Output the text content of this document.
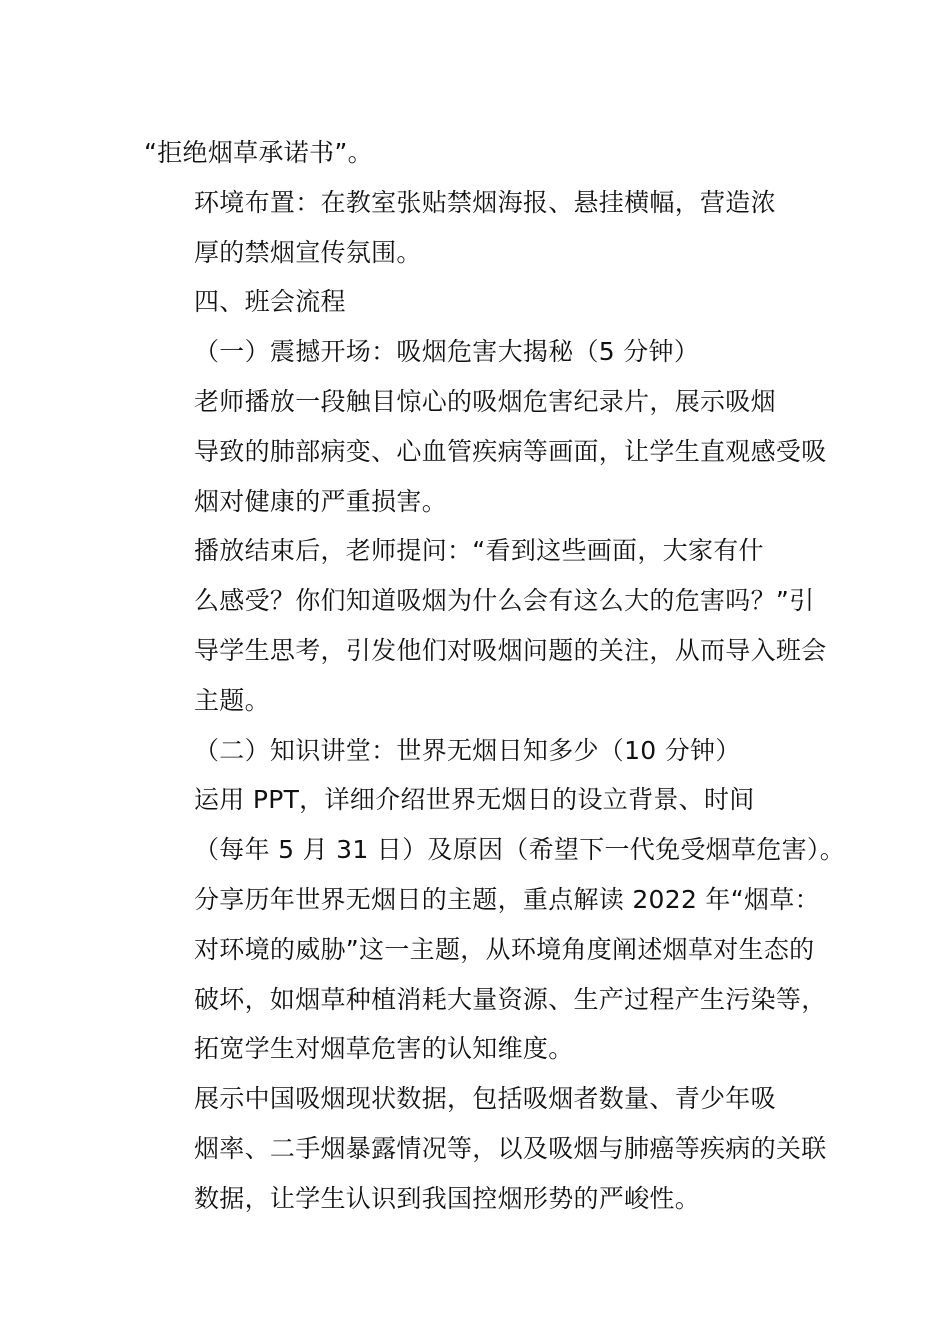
“拒绝烟草承诺书”。

环境布置：在教室张贴禁烟海报、悬挂横幅，营造浓
厚的禁烟宣传氛围。

四、班会流程

（一）震撼开场：吸烟危害大揭秘（5 分钟）

老师播放一段触目惊心的吸烟危害纪录片，展示吸烟
导致的肺部病变、心血管疾病等画面，让学生直观感受吸
烟对健康的严重损害。

播放结束后，老师提问：“看到这些画面，大家有什
么感受？你们知道吸烟为什么会有这么大的危害吗？”引
导学生思考，引发他们对吸烟问题的关注，从而导入班会
主题。

（二）知识讲堂：世界无烟日知多少（10 分钟）

运用 PPT，详细介绍世界无烟日的设立背景、时间
（每年 5 月 31 日）及原因（希望下一代免受烟草危害）。

分享历年世界无烟日的主题，重点解读 2022 年“烟草：
对环境的威胁”这一主题，从环境角度阐述烟草对生态的
破坏，如烟草种植消耗大量资源、生产过程产生污染等，
拓宽学生对烟草危害的认知维度。

展示中国吸烟现状数据，包括吸烟者数量、青少年吸
烟率、二手烟暴露情况等，以及吸烟与肺癌等疾病的关联
数据，让学生认识到我国控烟形势的严峻性。
